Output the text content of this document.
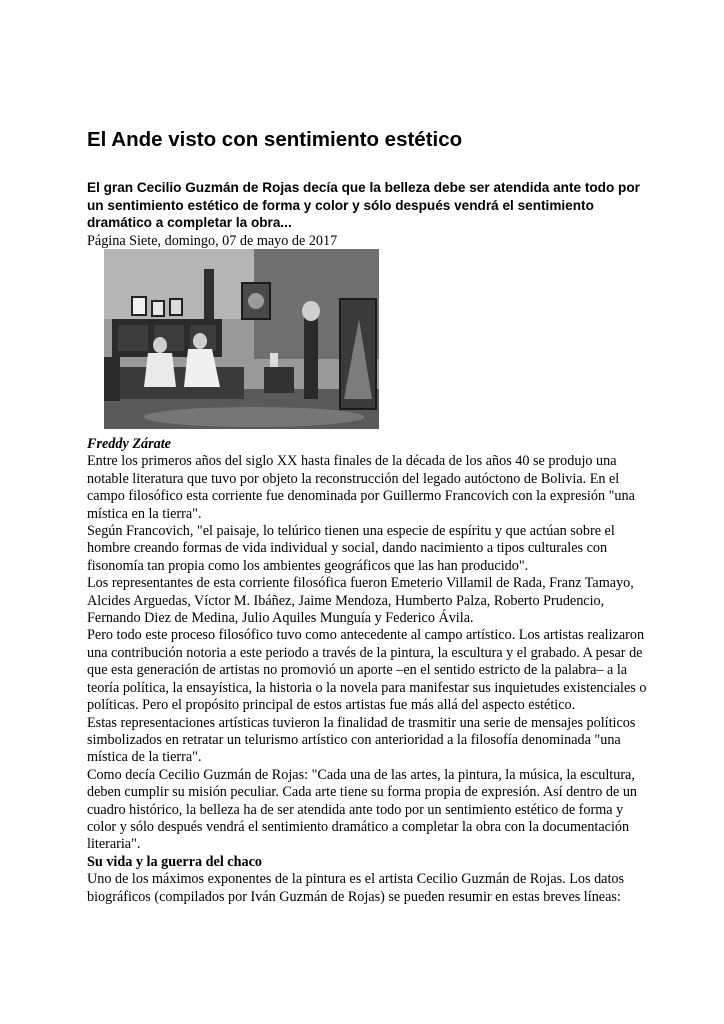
El Ande visto con sentimiento estético

El gran Cecilio Guzmán de Rojas decía que la belleza debe ser atendida ante todo por un sentimiento estético de forma y color y sólo después vendrá el sentimiento dramático a completar la obra...

Página Siete, domingo, 07 de mayo de 2017

Freddy Zárate

Entre los primeros años del siglo XX hasta finales de la década de los años 40 se produjo una notable literatura que tuvo por objeto la reconstrucción del legado autóctono de Bolivia. En el campo filosófico esta corriente fue denominada por Guillermo Francovich con la expresión "una mística en la tierra".

Según Francovich, "el paisaje, lo telúrico tienen una especie de espíritu y que actúan sobre el hombre creando formas de vida individual y social, dando nacimiento a tipos culturales con fisonomía tan propia como los ambientes geográficos que las han producido".

Los representantes de esta corriente filosófica fueron Emeterio Villamil de Rada, Franz Tamayo, Alcides Arguedas, Víctor M. Ibáñez, Jaime Mendoza, Humberto Palza, Roberto Prudencio, Fernando Diez de Medina, Julio Aquiles Munguía y Federico Ávila.

Pero todo este proceso filosófico tuvo como antecedente al campo artístico. Los artistas realizaron una contribución notoria a este periodo a través de la pintura, la escultura y el grabado. A pesar de que esta generación de artistas no promovió un aporte –en el sentido estricto de la palabra– a la teoría política, la ensayística, la historia o la novela para manifestar sus inquietudes existenciales o políticas. Pero el propósito principal de estos artistas fue más allá del aspecto estético.

Estas representaciones artísticas tuvieron la finalidad de trasmitir una serie de mensajes políticos simbolizados en retratar un telurismo artístico con anterioridad a la filosofía denominada "una mística de la tierra".

Como decía Cecilio Guzmán de Rojas: "Cada una de las artes, la pintura, la música, la escultura, deben cumplir su misión peculiar. Cada arte tiene su forma propia de expresión. Así dentro de un cuadro histórico, la belleza ha de ser atendida ante todo por un sentimiento estético de forma y color y sólo después vendrá el sentimiento dramático a completar la obra con la documentación literaria".

Su vida y la guerra del chaco

Uno de los máximos exponentes de la pintura es el artista Cecilio Guzmán de Rojas. Los datos biográficos (compilados por Iván Guzmán de Rojas) se pueden resumir en estas breves líneas:
